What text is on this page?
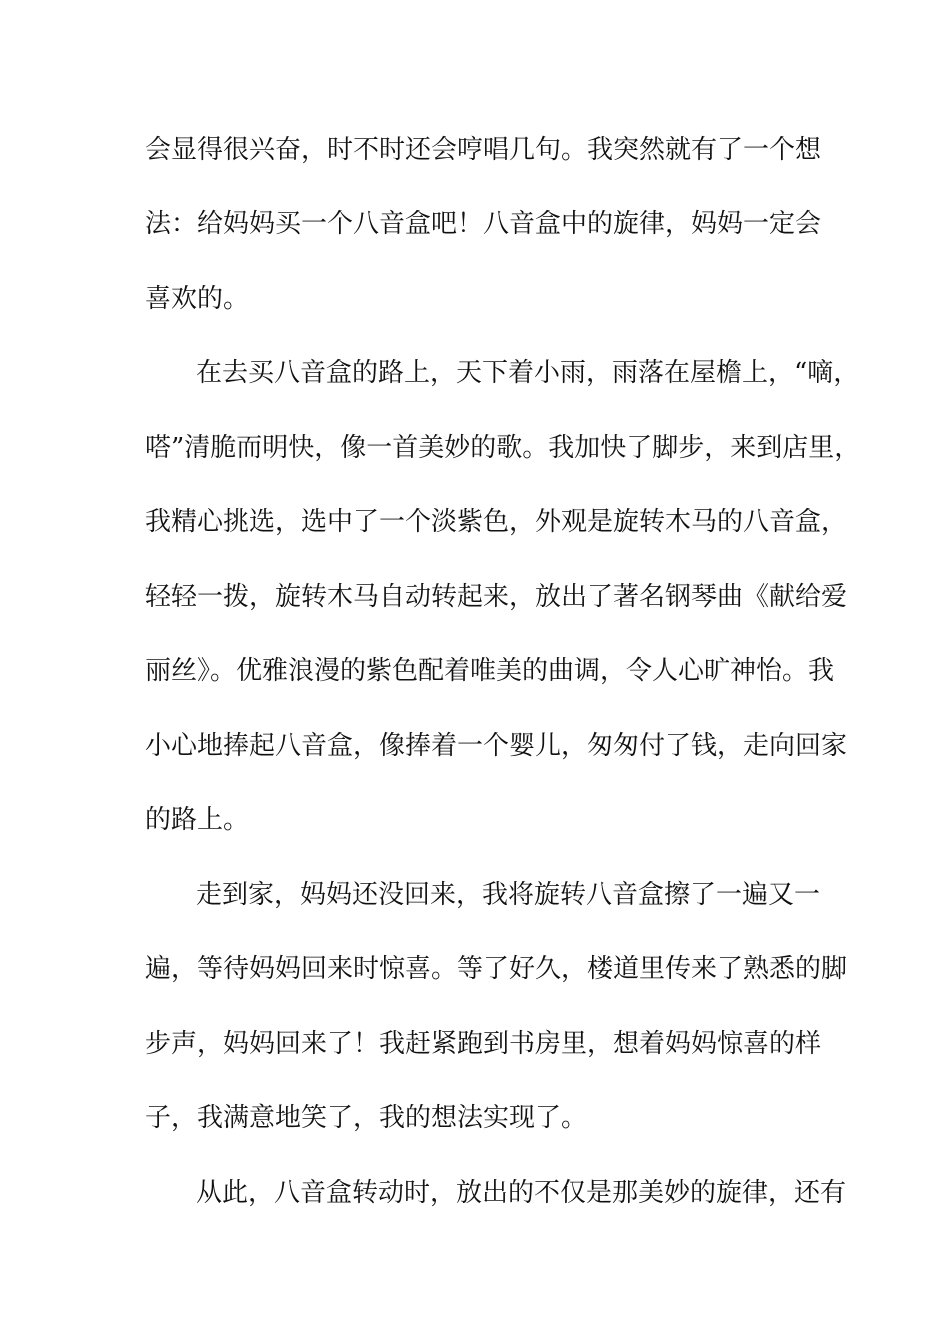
会显得很兴奋，时不时还会哼唱几句。我突然就有了一个想
法：给妈妈买一个八音盒吧！八音盒中的旋律，妈妈一定会
喜欢的。
在去买八音盒的路上，天下着小雨，雨落在屋檐上，“嘀，
嗒”清脆而明快，像一首美妙的歌。我加快了脚步，来到店里，
我精心挑选，选中了一个淡紫色，外观是旋转木马的八音盒，
轻轻一拨，旋转木马自动转起来，放出了著名钢琴曲《献给爱
丽丝》。优雅浪漫的紫色配着唯美的曲调，令人心旷神怡。我
小心地捧起八音盒，像捧着一个婴儿，匆匆付了钱，走向回家
的路上。
走到家，妈妈还没回来，我将旋转八音盒擦了一遍又一
遍，等待妈妈回来时惊喜。等了好久，楼道里传来了熟悉的脚
步声，妈妈回来了！我赶紧跑到书房里，想着妈妈惊喜的样
子，我满意地笑了，我的想法实现了。
从此，八音盒转动时，放出的不仅是那美妙的旋律，还有
